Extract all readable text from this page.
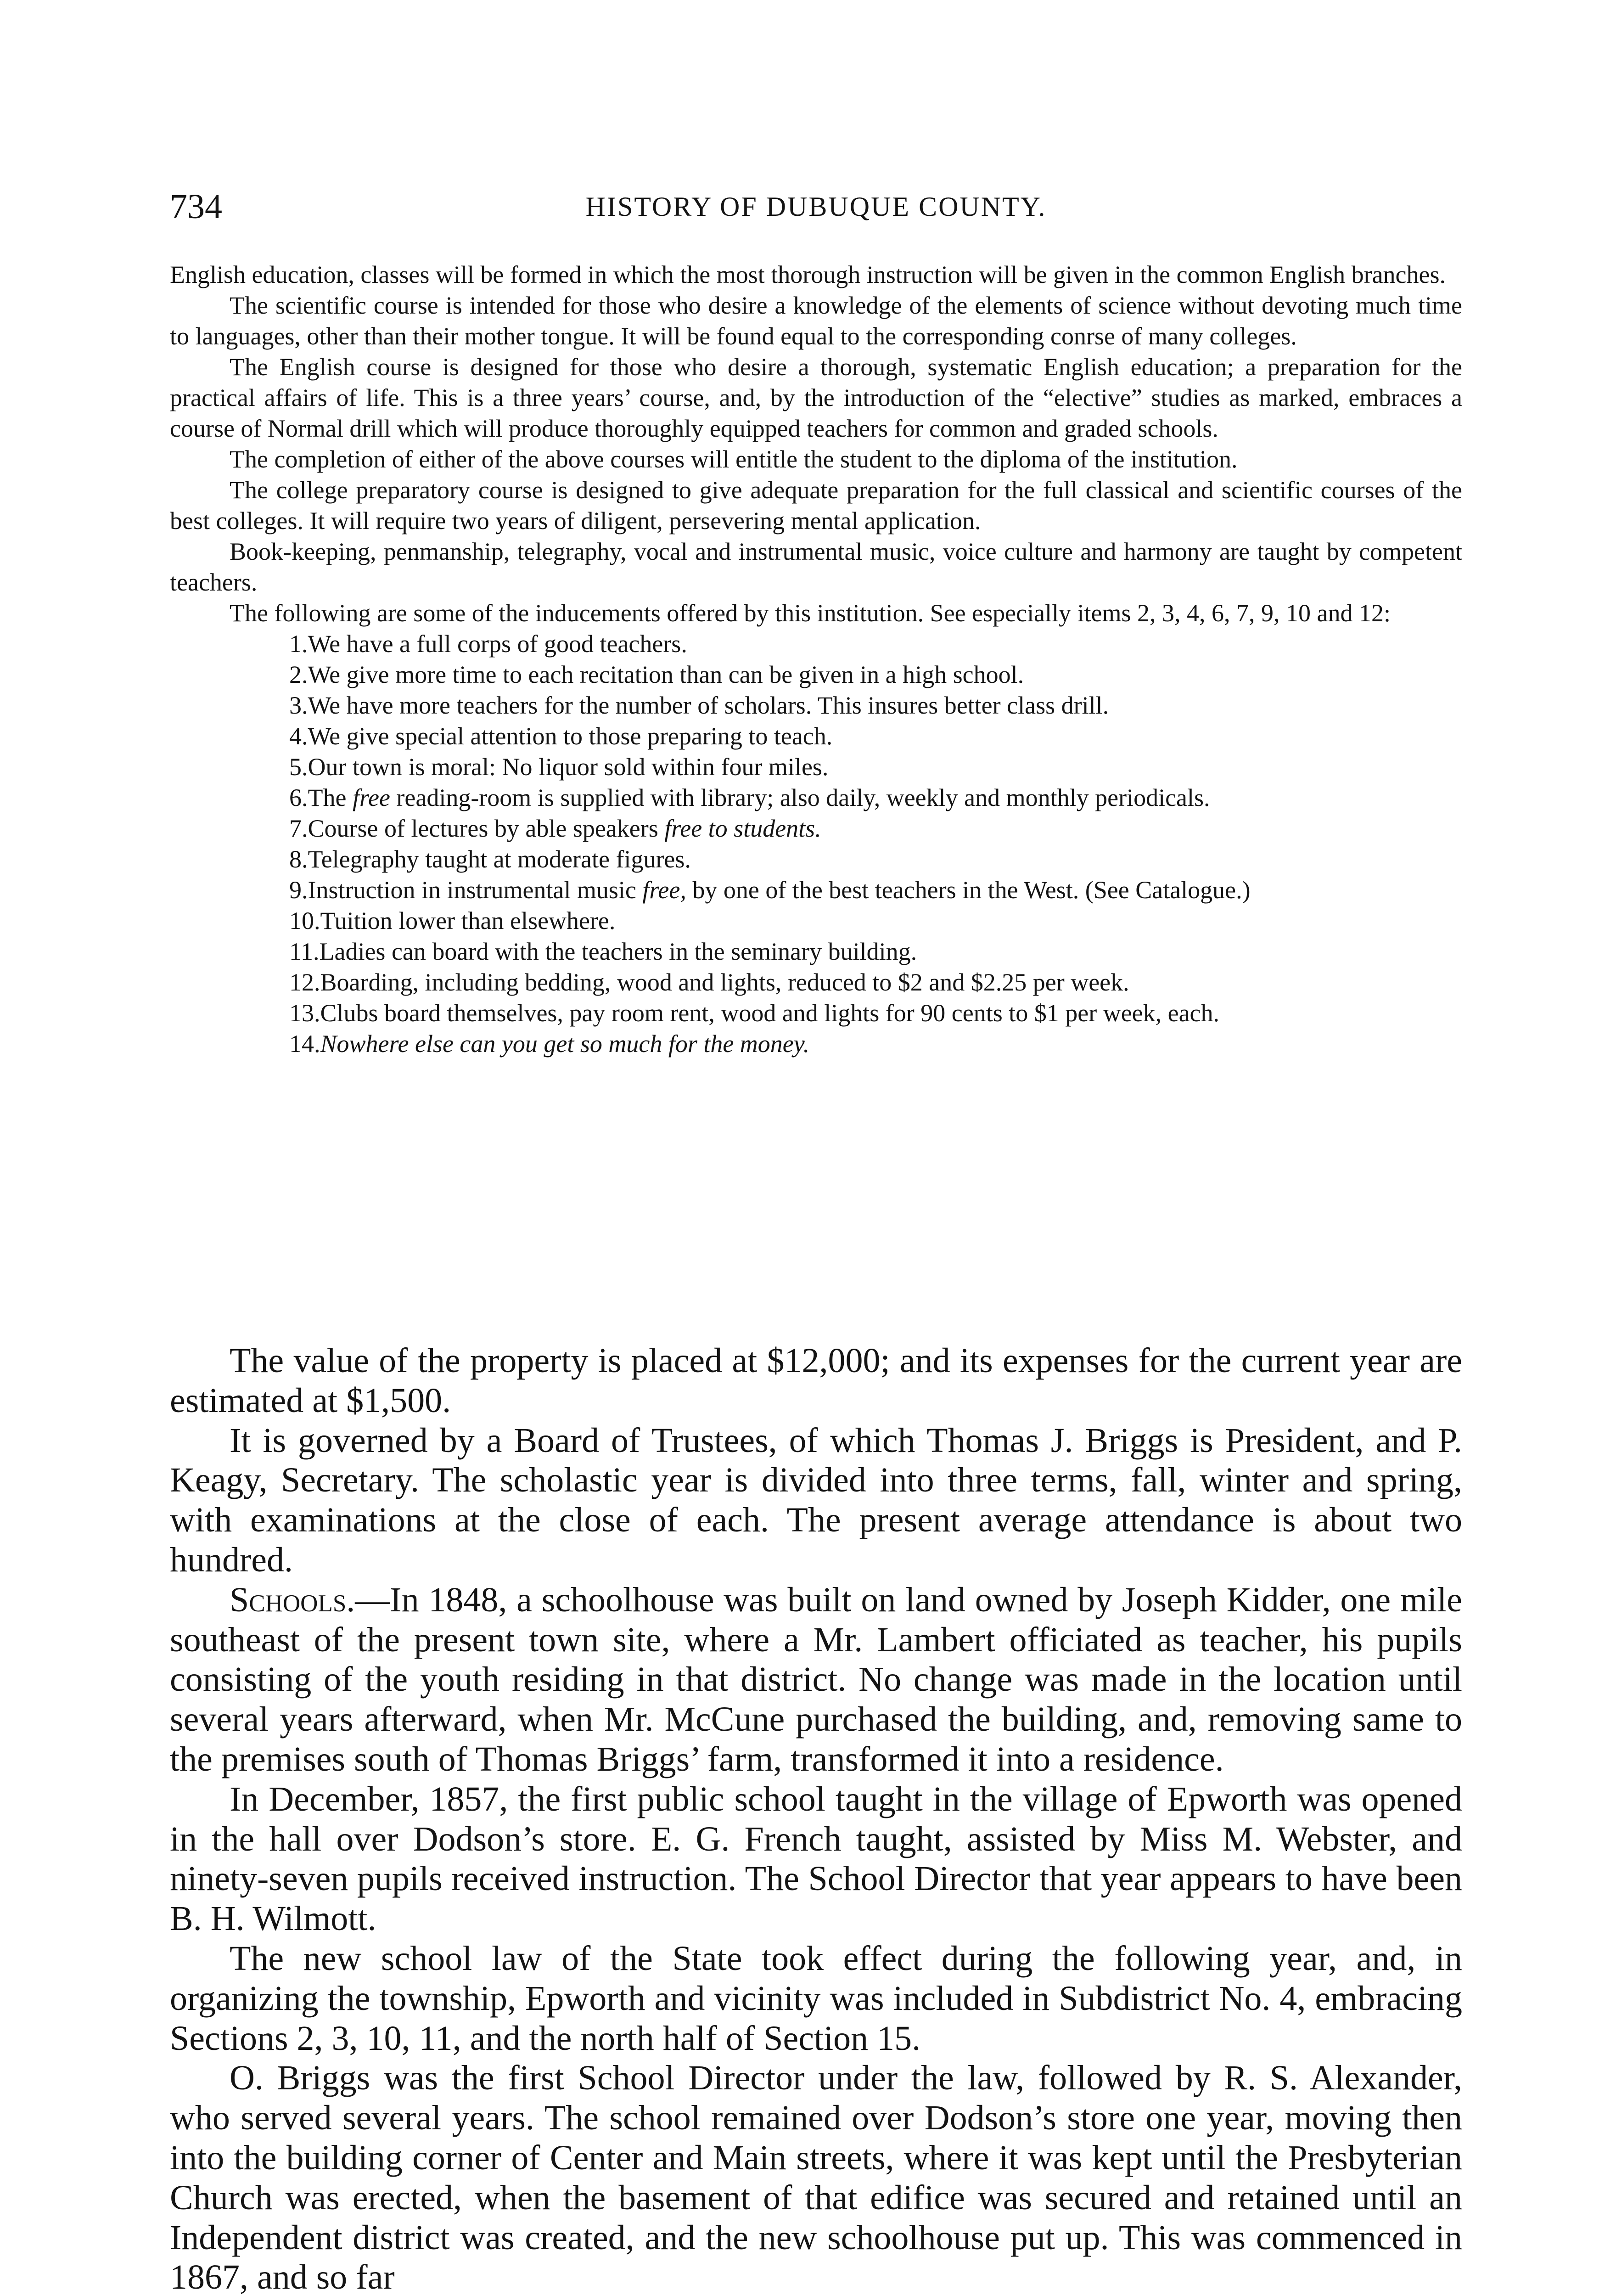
734	HISTORY OF DUBUQUE COUNTY.

English education, classes will be formed in which the most thorough instruction will be given in the common English branches.

The scientific course is intended for those who desire a knowledge of the elements of science without devoting much time to languages, other than their mother tongue. It will be found equal to the corresponding conrse of many colleges.

The English course is designed for those who desire a thorough, systematic English education; a preparation for the practical affairs of life. This is a three years’ course, and, by the introduction of the “elective” studies as marked, embraces a course of Normal drill which will produce thoroughly equipped teachers for common and graded schools.

The completion of either of the above courses will entitle the student to the diploma of the institution.

The college preparatory course is designed to give adequate preparation for the full classical and scientific courses of the best colleges. It will require two years of diligent, persevering mental application.

Book-keeping, penmanship, telegraphy, vocal and instrumental music, voice culture and harmony are taught by competent teachers.

The following are some of the inducements offered by this institution. See especially items 2, 3, 4, 6, 7, 9, 10 and 12:

1.We have a full corps of good teachers.
2.We give more time to each recitation than can be given in a high school.
3.We have more teachers for the number of scholars. This insures better class drill.
4.We give special attention to those preparing to teach.
5.Our town is moral: No liquor sold within four miles.
6.The free reading-room is supplied with library; also daily, weekly and monthly periodicals.
7.Course of lectures by able speakers free to students.
8.Telegraphy taught at moderate figures.
9.Instruction in instrumental music free, by one of the best teachers in the West. (See Catalogue.)
10.Tuition lower than elsewhere.
11.Ladies can board with the teachers in the seminary building.
12.Boarding, including bedding, wood and lights, reduced to $2 and $2.25 per week.
13.Clubs board themselves, pay room rent, wood and lights for 90 cents to $1 per week, each.
14.Nowhere else can you get so much for the money.

The value of the property is placed at $12,000; and its expenses for the current year are estimated at $1,500.

It is governed by a Board of Trustees, of which Thomas J. Briggs is President, and P. Keagy, Secretary. The scholastic year is divided into three terms, fall, winter and spring, with examinations at the close of each. The present average attendance is about two hundred.

Schools.—In 1848, a schoolhouse was built on land owned by Joseph Kidder, one mile southeast of the present town site, where a Mr. Lambert officiated as teacher, his pupils consisting of the youth residing in that district. No change was made in the location until several years afterward, when Mr. McCune purchased the building, and, removing same to the premises south of Thomas Briggs’ farm, transformed it into a residence.

In December, 1857, the first public school taught in the village of Epworth was opened in the hall over Dodson’s store. E. G. French taught, assisted by Miss M. Webster, and ninety-seven pupils received instruction. The School Director that year appears to have been B. H. Wilmott.

The new school law of the State took effect during the following year, and, in organizing the township, Epworth and vicinity was included in Subdistrict No. 4, embracing Sections 2, 3, 10, 11, and the north half of Section 15.

O. Briggs was the first School Director under the law, followed by R. S. Alexander, who served several years. The school remained over Dodson’s store one year, moving then into the building corner of Center and Main streets, where it was kept until the Presbyterian Church was erected, when the basement of that edifice was secured and retained until an Independent district was created, and the new schoolhouse put up. This was commenced in 1867, and so far
